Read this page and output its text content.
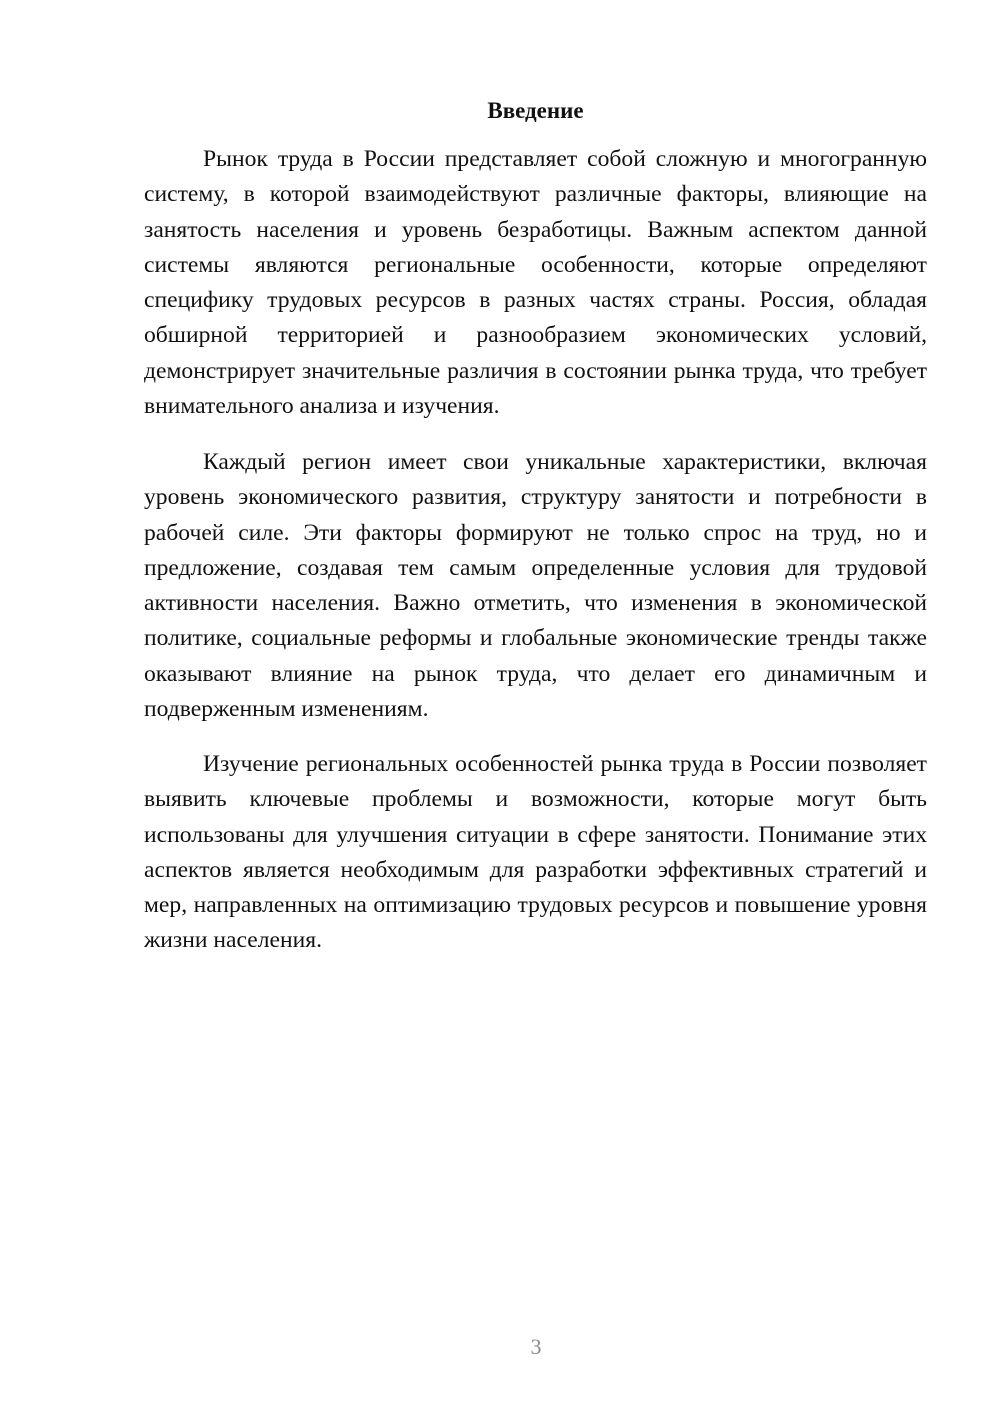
Введение

Рынок труда в России представляет собой сложную и многогранную систему, в которой взаимодействуют различные факторы, влияющие на занятость населения и уровень безработицы. Важным аспектом данной системы являются региональные особенности, которые определяют специфику трудовых ресурсов в разных частях страны. Россия, обладая обширной территорией и разнообразием экономических условий, демонстрирует значительные различия в состоянии рынка труда, что требует внимательного анализа и изучения.

Каждый регион имеет свои уникальные характеристики, включая уровень экономического развития, структуру занятости и потребности в рабочей силе. Эти факторы формируют не только спрос на труд, но и предложение, создавая тем самым определенные условия для трудовой активности населения. Важно отметить, что изменения в экономической политике, социальные реформы и глобальные экономические тренды также оказывают влияние на рынок труда, что делает его динамичным и подверженным изменениям.

Изучение региональных особенностей рынка труда в России позволяет выявить ключевые проблемы и возможности, которые могут быть использованы для улучшения ситуации в сфере занятости. Понимание этих аспектов является необходимым для разработки эффективных стратегий и мер, направленных на оптимизацию трудовых ресурсов и повышение уровня жизни населения.

3
